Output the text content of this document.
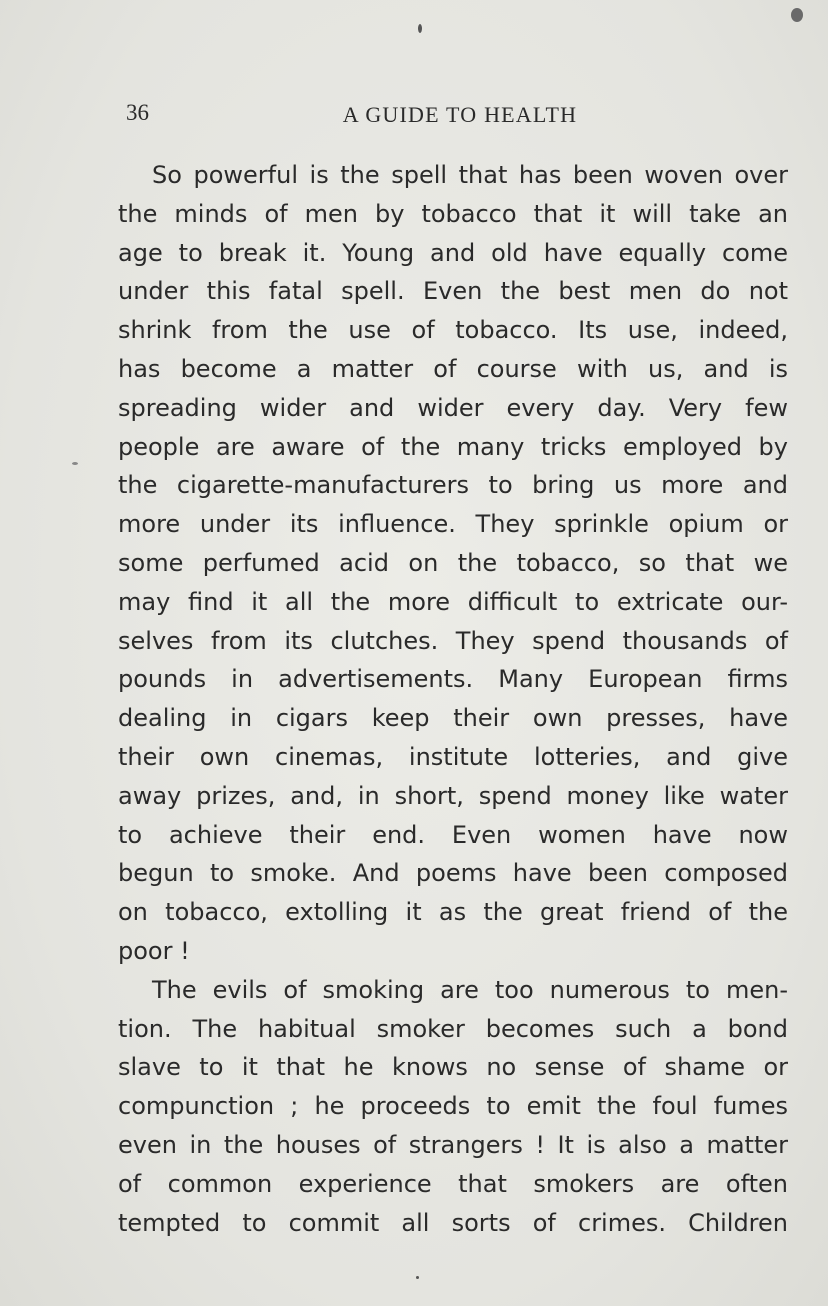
36	A GUIDE TO HEALTH
So powerful is the spell that has been woven over
the minds of men by tobacco that it will take an
age to break it. Young and old have equally come
under this fatal spell. Even the best men do not
shrink from the use of tobacco. Its use, indeed,
has become a matter of course with us, and is
spreading wider and wider every day. Very few
people are aware of the many tricks employed by
the cigarette-manufacturers to bring us more and
more under its influence. They sprinkle opium or
some perfumed acid on the tobacco, so that we
may find it all the more difficult to extricate our-
selves from its clutches. They spend thousands of
pounds in advertisements. Many European firms
dealing in cigars keep their own presses, have
their own cinemas, institute lotteries, and give
away prizes, and, in short, spend money like water
to achieve their end. Even women have now
begun to smoke. And poems have been composed
on tobacco, extolling it as the great friend of the
poor !
The evils of smoking are too numerous to men-
tion. The habitual smoker becomes such a bond
slave to it that he knows no sense of shame or
compunction ; he proceeds to emit the foul fumes
even in the houses of strangers ! It is also a matter
of common experience that smokers are often
tempted to commit all sorts of crimes. Children
